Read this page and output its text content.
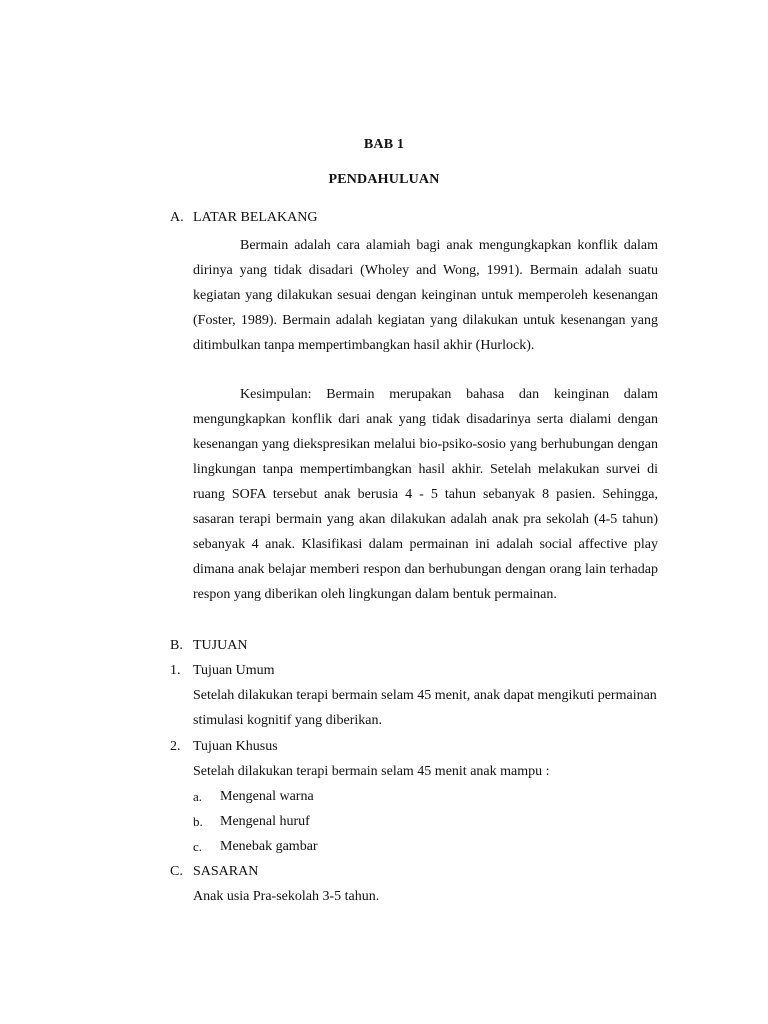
BAB 1
PENDAHULUAN
A. LATAR BELAKANG
Bermain adalah cara alamiah bagi anak mengungkapkan konflik dalam dirinya yang tidak disadari (Wholey and Wong, 1991). Bermain adalah suatu kegiatan yang dilakukan sesuai dengan keinginan untuk memperoleh kesenangan (Foster, 1989). Bermain adalah kegiatan yang dilakukan untuk kesenangan yang ditimbulkan tanpa mempertimbangkan hasil akhir (Hurlock).
Kesimpulan: Bermain merupakan bahasa dan keinginan dalam mengungkapkan konflik dari anak yang tidak disadarinya serta dialami dengan kesenangan yang diekspresikan melalui bio-psiko-sosio yang berhubungan dengan lingkungan tanpa mempertimbangkan hasil akhir. Setelah melakukan survei di ruang SOFA tersebut anak berusia 4 - 5 tahun sebanyak 8 pasien. Sehingga, sasaran terapi bermain yang akan dilakukan adalah anak pra sekolah (4-5 tahun) sebanyak 4 anak. Klasifikasi dalam permainan ini adalah social affective play dimana anak belajar memberi respon dan berhubungan dengan orang lain terhadap respon yang diberikan oleh lingkungan dalam bentuk permainan.
B. TUJUAN
1. Tujuan Umum
Setelah dilakukan terapi bermain selam 45 menit, anak dapat mengikuti permainan stimulasi kognitif yang diberikan.
2. Tujuan Khusus
Setelah dilakukan terapi bermain selam 45 menit anak mampu :
a. Mengenal warna
b. Mengenal huruf
c. Menebak gambar
C. SASARAN
Anak usia Pra-sekolah 3-5 tahun.
